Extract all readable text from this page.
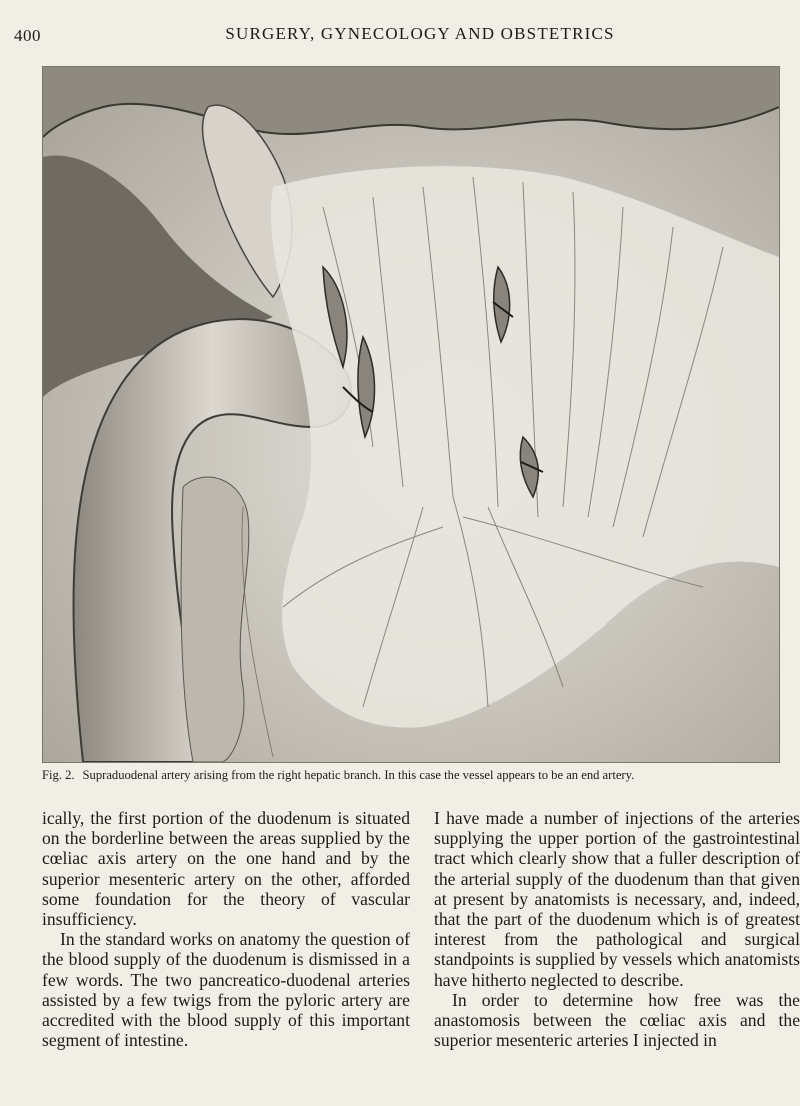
400	SURGERY, GYNECOLOGY AND OBSTETRICS
Fig. 2. Supraduodenal artery arising from the right hepatic branch. In this case the vessel appears to be an end artery.

ically, the first portion of the duodenum is situated on the borderline between the areas supplied by the cœliac axis artery on the one hand and by the superior mesenteric artery on the other, afforded some foundation for the theory of vascular insufficiency.

In the standard works on anatomy the question of the blood supply of the duodenum is dismissed in a few words. The two pancreatico-duodenal arteries assisted by a few twigs from the pyloric artery are accredited with the blood supply of this important segment of intestine.

I have made a number of injections of the arteries supplying the upper portion of the gastrointestinal tract which clearly show that a fuller description of the arterial supply of the duodenum than that given at present by anatomists is necessary, and, indeed, that the part of the duodenum which is of greatest interest from the pathological and surgical standpoints is supplied by vessels which anatomists have hitherto neglected to describe.

In order to determine how free was the anastomosis between the cœliac axis and the superior mesenteric arteries I injected in
